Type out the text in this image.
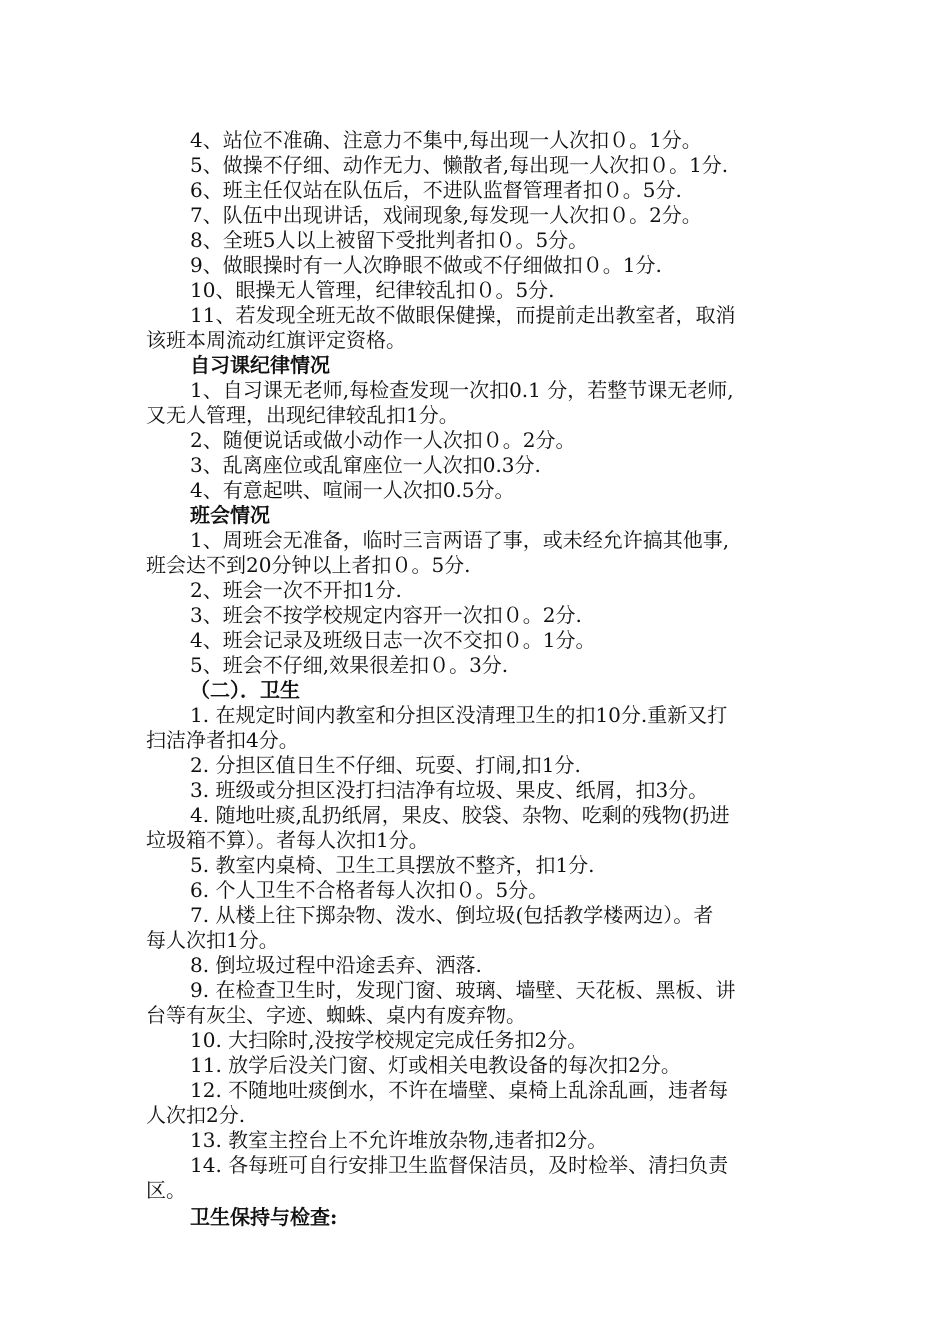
4、站位不准确、注意力不集中,每出现一人次扣０。1分。
5、做操不仔细、动作无力、懒散者,每出现一人次扣０。1分.
6、班主任仅站在队伍后，不进队监督管理者扣０。5分.
7、队伍中出现讲话，戏闹现象,每发现一人次扣０。2分。
8、全班5人以上被留下受批判者扣０。5分。
9、做眼操时有一人次睁眼不做或不仔细做扣０。1分.
10、眼操无人管理，纪律较乱扣０。5分.
11、若发现全班无故不做眼保健操，而提前走出教室者，取消
该班本周流动红旗评定资格。
自习课纪律情况
1、自习课无老师,每检查发现一次扣0.1 分，若整节课无老师,
又无人管理，出现纪律较乱扣1分。
2、随便说话或做小动作一人次扣０。2分。
3、乱离座位或乱窜座位一人次扣0.3分.
4、有意起哄、喧闹一人次扣0.5分。
班会情况
1、周班会无准备，临时三言两语了事，或未经允许搞其他事,
班会达不到20分钟以上者扣０。5分.
2、班会一次不开扣1分.
3、班会不按学校规定内容开一次扣０。2分.
4、班会记录及班级日志一次不交扣０。1分。
5、班会不仔细,效果很差扣０。3分.
（二）．卫生
1. 在规定时间内教室和分担区没清理卫生的扣10分.重新又打
扫洁净者扣4分。
2. 分担区值日生不仔细、玩耍、打闹,扣1分.
3. 班级或分担区没打扫洁净有垃圾、果皮、纸屑，扣3分。
4. 随地吐痰,乱扔纸屑，果皮、胶袋、杂物、吃剩的残物(扔进
垃圾箱不算）。者每人次扣1分。
5. 教室内桌椅、卫生工具摆放不整齐，扣1分.
6. 个人卫生不合格者每人次扣０。5分。
7. 从楼上往下掷杂物、泼水、倒垃圾(包括教学楼两边）。者
每人次扣1分。
8. 倒垃圾过程中沿途丢弃、洒落.
9. 在检查卫生时，发现门窗、玻璃、墙壁、天花板、黑板、讲
台等有灰尘、字迹、蜘蛛、桌内有废弃物。
10. 大扫除时,没按学校规定完成任务扣2分。
11. 放学后没关门窗、灯或相关电教设备的每次扣2分。
12. 不随地吐痰倒水，不许在墙壁、桌椅上乱涂乱画，违者每
人次扣2分.
13. 教室主控台上不允许堆放杂物,违者扣2分。
14. 各每班可自行安排卫生监督保洁员，及时检举、清扫负责
区。
卫生保持与检查:
